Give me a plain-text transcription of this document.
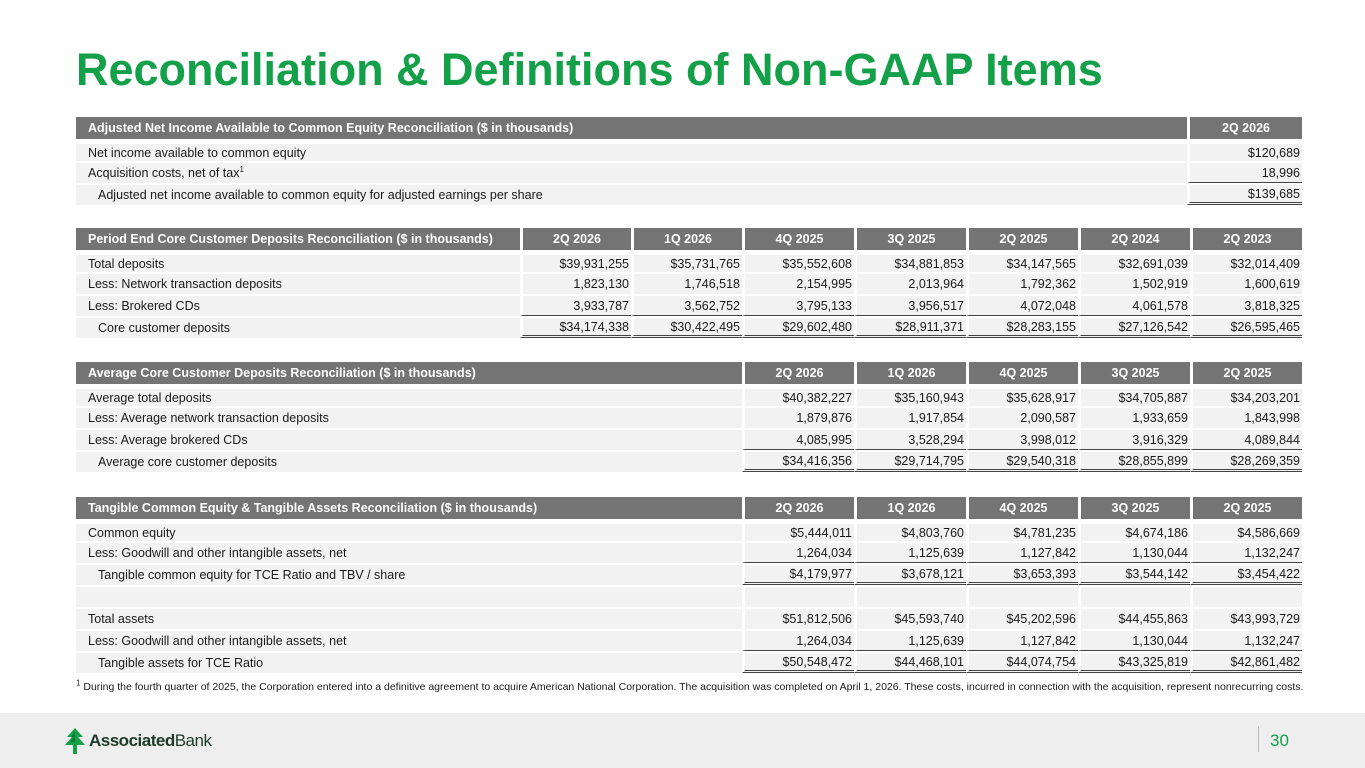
Reconciliation & Definitions of Non-GAAP Items
Adjusted Net Income Available to Common Equity Reconciliation ($ in thousands)	2Q 2026
Net income available to common equity	$120,689
Acquisition costs, net of tax$^1$	18,996
Adjusted net income available to common equity for adjusted earnings per share	$139,685
Period End Core Customer Deposits Reconciliation ($ in thousands)	2Q 2026	1Q 2026	4Q 2025	3Q 2025	2Q 2025	2Q 2024	2Q 2023
Total deposits	$39,931,255	$35,731,765	$35,552,608	$34,881,853	$34,147,565	$32,691,039	$32,014,409
Less: Network transaction deposits	1,823,130	1,746,518	2,154,995	2,013,964	1,792,362	1,502,919	1,600,619
Less: Brokered CDs	3,933,787	3,562,752	3,795,133	3,956,517	4,072,048	4,061,578	3,818,325
Core customer deposits	$34,174,338	$30,422,495	$29,602,480	$28,911,371	$28,283,155	$27,126,542	$26,595,465
Average Core Customer Deposits Reconciliation ($ in thousands)	2Q 2026	1Q 2026	4Q 2025	3Q 2025	2Q 2025
Average total deposits	$40,382,227	$35,160,943	$35,628,917	$34,705,887	$34,203,201
Less: Average network transaction deposits	1,879,876	1,917,854	2,090,587	1,933,659	1,843,998
Less: Average brokered CDs	4,085,995	3,528,294	3,998,012	3,916,329	4,089,844
Average core customer deposits	$34,416,356	$29,714,795	$29,540,318	$28,855,899	$28,269,359
Tangible Common Equity & Tangible Assets Reconciliation ($ in thousands)	2Q 2026	1Q 2026	4Q 2025	3Q 2025	2Q 2025
Common equity	$5,444,011	$4,803,760	$4,781,235	$4,674,186	$4,586,669
Less: Goodwill and other intangible assets, net	1,264,034	1,125,639	1,127,842	1,130,044	1,132,247
Tangible common equity for TCE Ratio and TBV / share	$4,179,977	$3,678,121	$3,653,393	$3,544,142	$3,454,422

Total assets	$51,812,506	$45,593,740	$45,202,596	$44,455,863	$43,993,729
Less: Goodwill and other intangible assets, net	1,264,034	1,125,639	1,127,842	1,130,044	1,132,247
Tangible assets for TCE Ratio	$50,548,472	$44,468,101	$44,074,754	$43,325,819	$42,861,482
$^1$ During the fourth quarter of 2025, the Corporation entered into a definitive agreement to acquire American National Corporation. The acquisition was completed on April 1, 2026. These costs, incurred in connection with the acquisition, represent nonrecurring costs.
AssociatedBank	30
